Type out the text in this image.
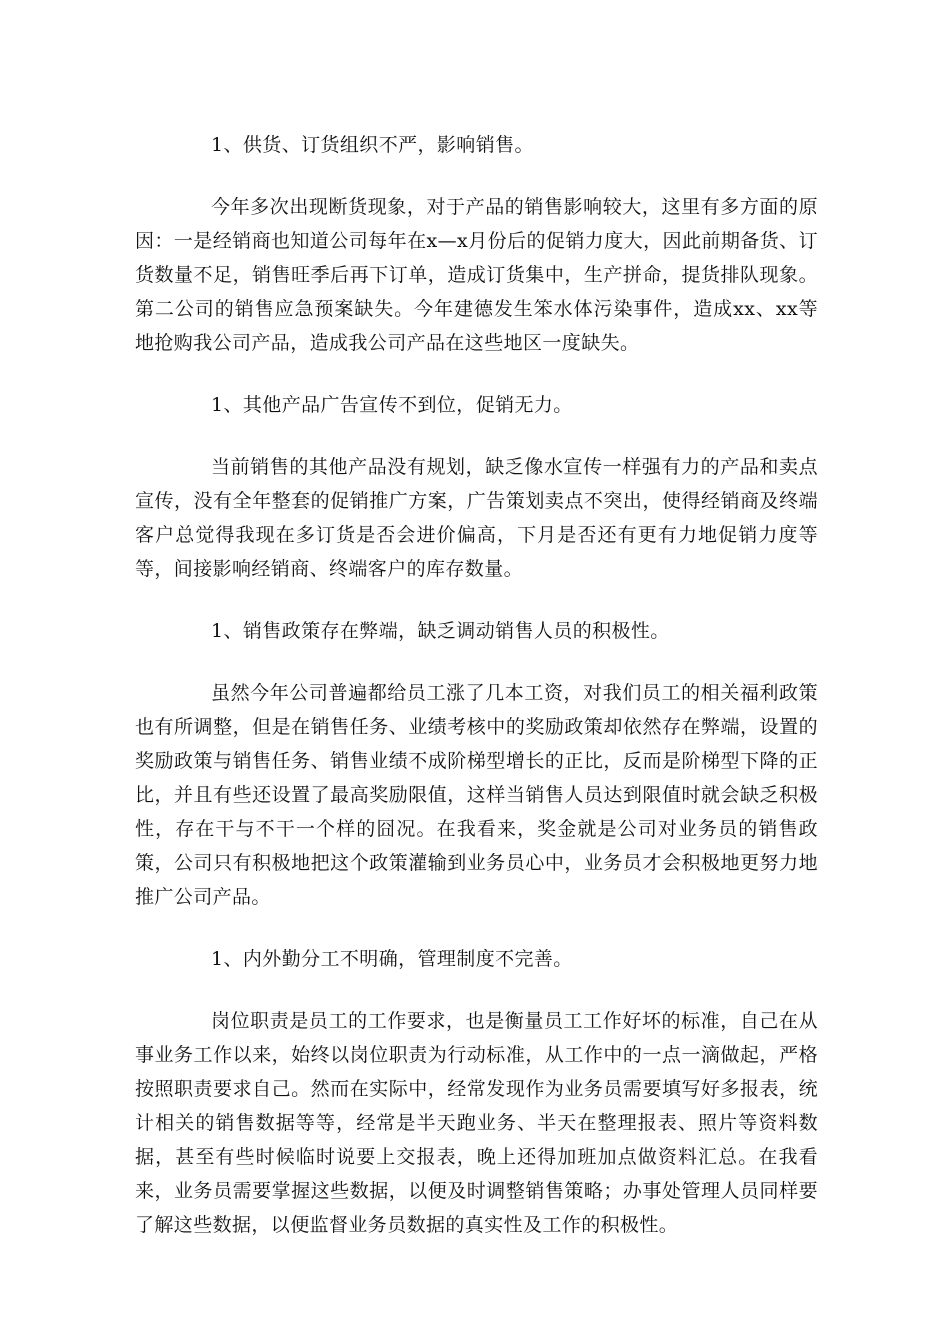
1、供货、订货组织不严，影响销售。

今年多次出现断货现象，对于产品的销售影响较大，这里有多方面的原因：一是经销商也知道公司每年在x—x月份后的促销力度大，因此前期备货、订货数量不足，销售旺季后再下订单，造成订货集中，生产拼命，提货排队现象。第二公司的销售应急预案缺失。今年建德发生笨水体污染事件，造成xx、xx等地抢购我公司产品，造成我公司产品在这些地区一度缺失。

1、其他产品广告宣传不到位，促销无力。

当前销售的其他产品没有规划，缺乏像水宣传一样强有力的产品和卖点宣传，没有全年整套的促销推广方案，广告策划卖点不突出，使得经销商及终端客户总觉得我现在多订货是否会进价偏高，下月是否还有更有力地促销力度等等，间接影响经销商、终端客户的库存数量。

1、销售政策存在弊端，缺乏调动销售人员的积极性。

虽然今年公司普遍都给员工涨了几本工资，对我们员工的相关福利政策也有所调整，但是在销售任务、业绩考核中的奖励政策却依然存在弊端，设置的奖励政策与销售任务、销售业绩不成阶梯型增长的正比，反而是阶梯型下降的正比，并且有些还设置了最高奖励限值，这样当销售人员达到限值时就会缺乏积极性，存在干与不干一个样的囧况。在我看来，奖金就是公司对业务员的销售政策，公司只有积极地把这个政策灌输到业务员心中，业务员才会积极地更努力地推广公司产品。

1、内外勤分工不明确，管理制度不完善。

岗位职责是员工的工作要求，也是衡量员工工作好坏的标准，自己在从事业务工作以来，始终以岗位职责为行动标准，从工作中的一点一滴做起，严格按照职责要求自己。然而在实际中，经常发现作为业务员需要填写好多报表，统计相关的销售数据等等，经常是半天跑业务、半天在整理报表、照片等资料数据，甚至有些时候临时说要上交报表，晚上还得加班加点做资料汇总。在我看来，业务员需要掌握这些数据，以便及时调整销售策略；办事处管理人员同样要了解这些数据，以便监督业务员数据的真实性及工作的积极性。
